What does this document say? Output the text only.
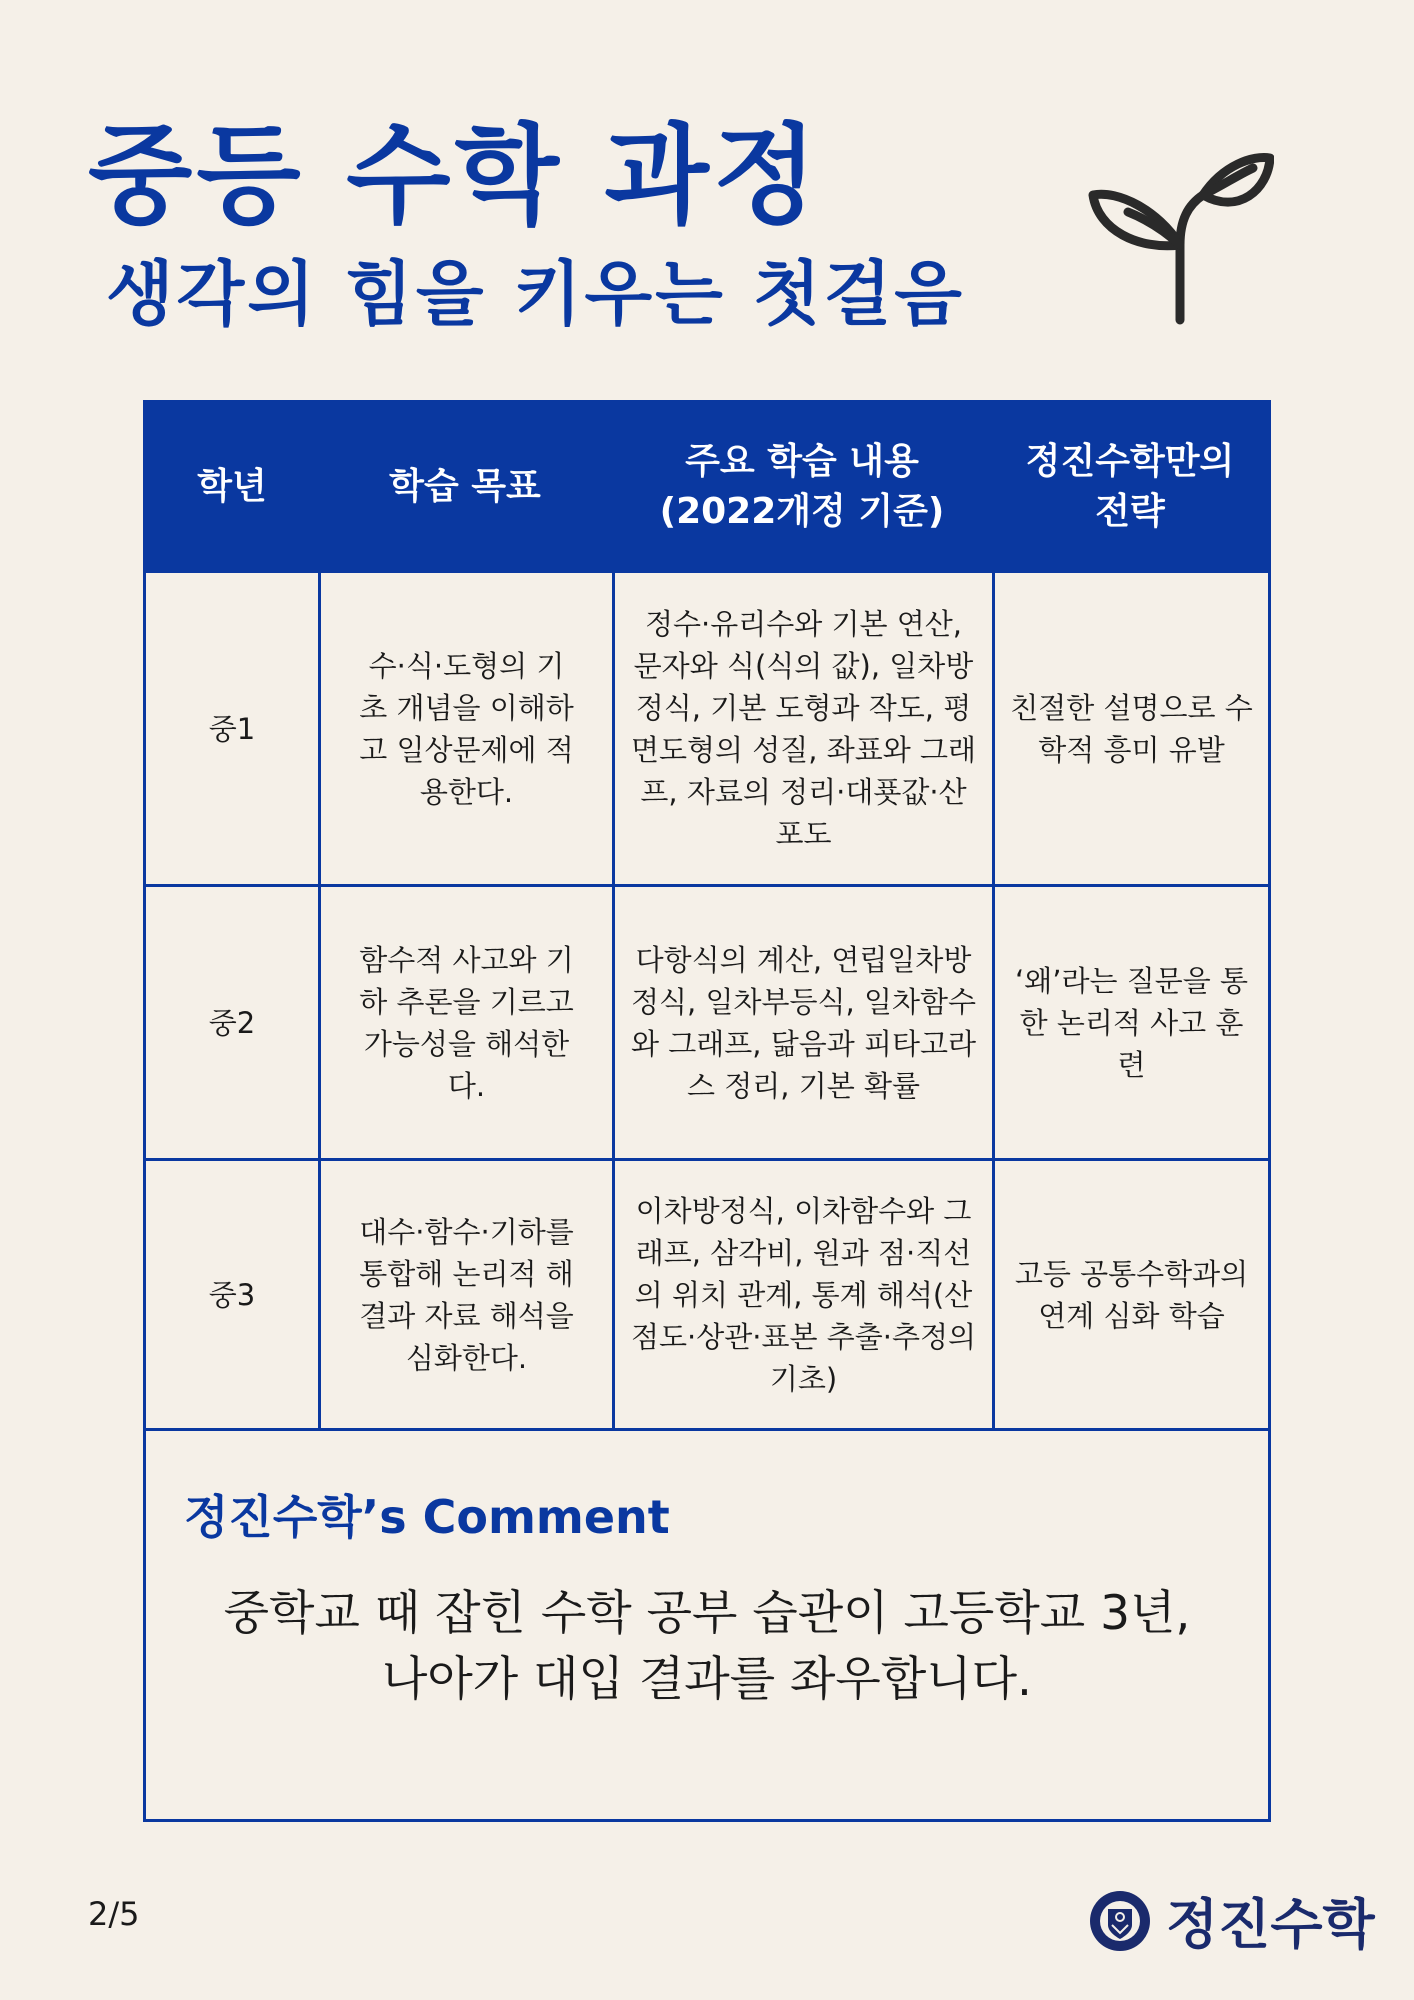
중등 수학 과정
생각의 힘을 키우는 첫걸음
학년	학습 목표
주요 학습 내용
(2022개정 기준)
정진수학만의
전략
중1
수·식·도형의 기초 개념을 이해하고 일상문제에 적용한다.
정수·유리수와 기본 연산, 문자와 식(식의 값), 일차방정식, 기본 도형과 작도, 평면도형의 성질, 좌표와 그래프, 자료의 정리·대푯값·산포도
친절한 설명으로 수학적 흥미 유발
중2
함수적 사고와 기하 추론을 기르고 가능성을 해석한다.
다항식의 계산, 연립일차방정식, 일차부등식, 일차함수와 그래프, 닮음과 피타고라스 정리, 기본 확률
‘왜’라는 질문을 통한 논리적 사고 훈련
중3
대수·함수·기하를 통합해 논리적 해결과 자료 해석을 심화한다.
이차방정식, 이차함수와 그래프, 삼각비, 원과 점·직선의 위치 관계, 통계 해석(산점도·상관·표본 추출·추정의 기초)
고등 공통수학과의 연계 심화 학습
정진수학’s Comment
중학교 때 잡힌 수학 공부 습관이 고등학교 3년,
나아가 대입 결과를 좌우합니다.
2/5	정진수학
